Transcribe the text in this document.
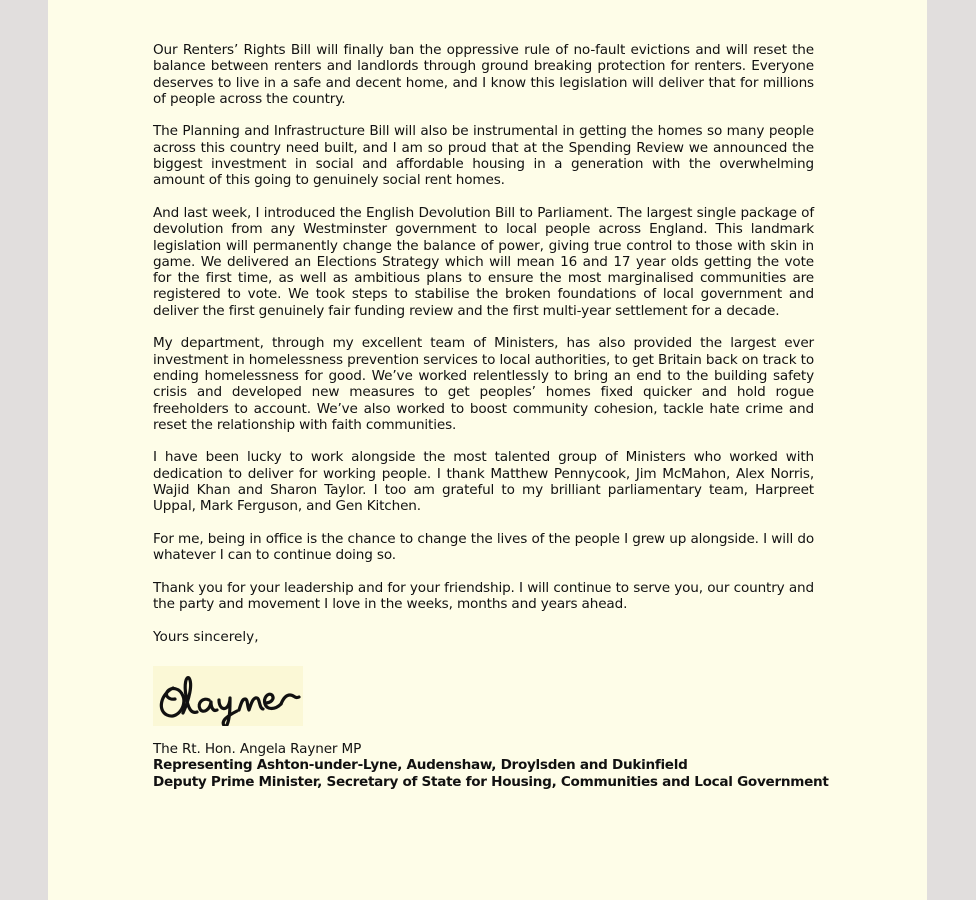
Our Renters’ Rights Bill will finally ban the oppressive rule of no-fault evictions and will reset the balance between renters and landlords through ground breaking protection for renters. Everyone deserves to live in a safe and decent home, and I know this legislation will deliver that for millions of people across the country.

The Planning and Infrastructure Bill will also be instrumental in getting the homes so many people across this country need built, and I am so proud that at the Spending Review we announced the biggest investment in social and affordable housing in a generation with the overwhelming amount of this going to genuinely social rent homes.

And last week, I introduced the English Devolution Bill to Parliament. The largest single package of devolution from any Westminster government to local people across England. This landmark legislation will permanently change the balance of power, giving true control to those with skin in game. We delivered an Elections Strategy which will mean 16 and 17 year olds getting the vote for the first time, as well as ambitious plans to ensure the most marginalised communities are registered to vote. We took steps to stabilise the broken foundations of local government and deliver the first genuinely fair funding review and the first multi-year settlement for a decade.

My department, through my excellent team of Ministers, has also provided the largest ever investment in homelessness prevention services to local authorities, to get Britain back on track to ending homelessness for good. We’ve worked relentlessly to bring an end to the building safety crisis and developed new measures to get peoples’ homes fixed quicker and hold rogue freeholders to account. We’ve also worked to boost community cohesion, tackle hate crime and reset the relationship with faith communities.

I have been lucky to work alongside the most talented group of Ministers who worked with dedication to deliver for working people. I thank Matthew Pennycook, Jim McMahon, Alex Norris, Wajid Khan and Sharon Taylor. I too am grateful to my brilliant parliamentary team, Harpreet Uppal, Mark Ferguson, and Gen Kitchen.

For me, being in office is the chance to change the lives of the people I grew up alongside. I will do whatever I can to continue doing so.

Thank you for your leadership and for your friendship. I will continue to serve you, our country and the party and movement I love in the weeks, months and years ahead.

Yours sincerely,

The Rt. Hon. Angela Rayner MP
Representing Ashton-under-Lyne, Audenshaw, Droylsden and Dukinfield
Deputy Prime Minister, Secretary of State for Housing, Communities and Local Government
